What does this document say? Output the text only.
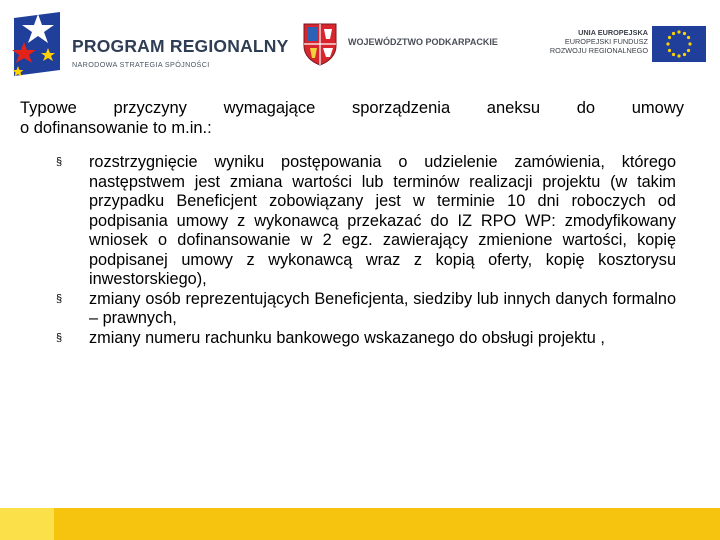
PROGRAM REGIONALNY
NARODOWA STRATEGIA SPÓJNOŚCI
WOJEWÓDZTWO PODKARPACKIE
UNIA EUROPEJSKA
EUROPEJSKI FUNDUSZ
ROZWOJU REGIONALNEGO
Typowe przyczyny wymagające sporządzenia aneksu do umowy
o dofinansowanie to m.in.:
§ rozstrzygnięcie wyniku postępowania o udzielenie zamówienia, którego następstwem jest zmiana wartości lub terminów realizacji projektu (w takim przypadku Beneficjent zobowiązany jest w terminie 10 dni roboczych od podpisania umowy z wykonawcą przekazać do IZ RPO WP: zmodyfikowany wniosek o dofinansowanie w 2 egz. zawierający zmienione wartości, kopię podpisanej umowy z wykonawcą wraz z kopią oferty, kopię kosztorysu inwestorskiego),
§ zmiany osób reprezentujących Beneficjenta, siedziby lub innych danych formalno – prawnych,
§ zmiany numeru rachunku bankowego wskazanego do obsługi projektu ,
